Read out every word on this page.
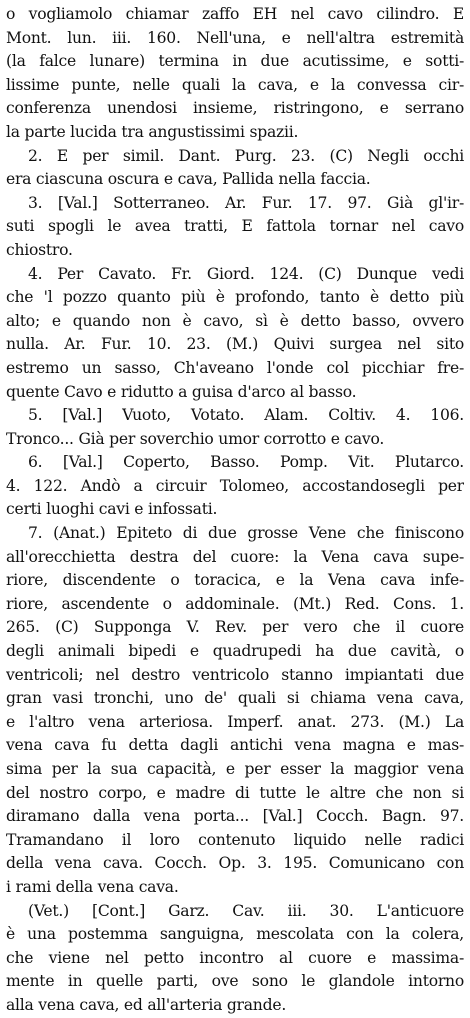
o vogliamolo chiamar zaffo EH nel cavo cilindro. E
Mont. lun. iii. 160. Nell'una, e nell'altra estremità
(la falce lunare) termina in due acutissime, e sotti-
lissime punte, nelle quali la cava, e la convessa cir-
conferenza unendosi insieme, ristringono, e serrano
la parte lucida tra angustissimi spazii.
2. E per simil. Dant. Purg. 23. (C) Negli occhi
era ciascuna oscura e cava, Pallida nella faccia.
3. [Val.] Sotterraneo. Ar. Fur. 17. 97. Già gl'ir-
suti spogli le avea tratti, E fattola tornar nel cavo
chiostro.
4. Per Cavato. Fr. Giord. 124. (C) Dunque vedi
che 'l pozzo quanto più è profondo, tanto è detto più
alto; e quando non è cavo, sì è detto basso, ovvero
nulla. Ar. Fur. 10. 23. (M.) Quivi surgea nel sito
estremo un sasso, Ch'aveano l'onde col picchiar fre-
quente Cavo e ridutto a guisa d'arco al basso.
5. [Val.] Vuoto, Votato. Alam. Coltiv. 4. 106.
Tronco... Già per soverchio umor corrotto e cavo.
6. [Val.] Coperto, Basso. Pomp. Vit. Plutarco.
4. 122. Andò a circuir Tolomeo, accostandosegli per
certi luoghi cavi e infossati.
7. (Anat.) Epiteto di due grosse Vene che finiscono
all'orecchietta destra del cuore: la Vena cava supe-
riore, discendente o toracica, e la Vena cava infe-
riore, ascendente o addominale. (Mt.) Red. Cons. 1.
265. (C) Supponga V. Rev. per vero che il cuore
degli animali bipedi e quadrupedi ha due cavità, o
ventricoli; nel destro ventricolo stanno impiantati due
gran vasi tronchi, uno de' quali si chiama vena cava,
e l'altro vena arteriosa. Imperf. anat. 273. (M.) La
vena cava fu detta dagli antichi vena magna e mas-
sima per la sua capacità, e per esser la maggior vena
del nostro corpo, e madre di tutte le altre che non si
diramano dalla vena porta... [Val.] Cocch. Bagn. 97.
Tramandano il loro contenuto liquido nelle radici
della vena cava. Cocch. Op. 3. 195. Comunicano con
i rami della vena cava.
(Vet.) [Cont.] Garz. Cav. iii. 30. L'anticuore
è una postemma sanguigna, mescolata con la colera,
che viene nel petto incontro al cuore e massima-
mente in quelle parti, ove sono le glandole intorno
alla vena cava, ed all'arteria grande.
